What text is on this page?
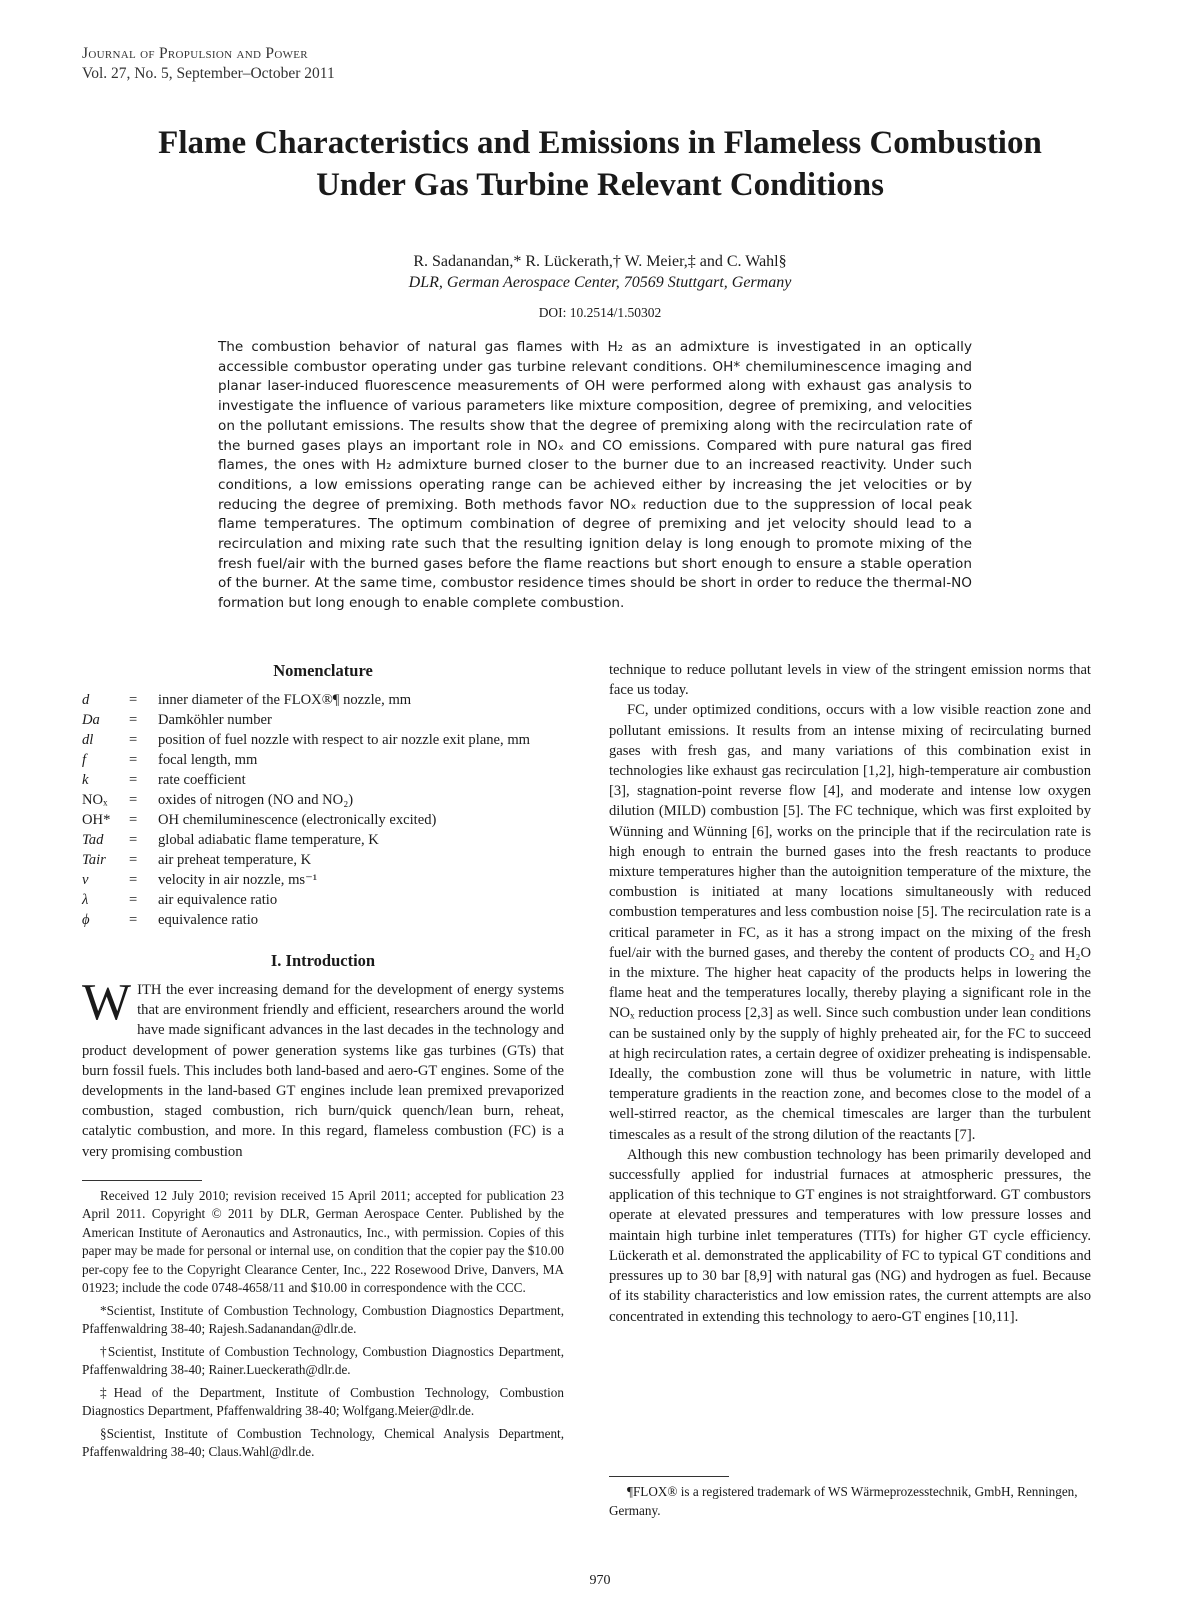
Journal of Propulsion and Power
Vol. 27, No. 5, September–October 2011
Flame Characteristics and Emissions in Flameless Combustion
Under Gas Turbine Relevant Conditions
R. Sadanandan,* R. Lückerath,† W. Meier,‡ and C. Wahl§
DLR, German Aerospace Center, 70569 Stuttgart, Germany
DOI: 10.2514/1.50302

The combustion behavior of natural gas flames with H₂ as an admixture is investigated in an optically accessible combustor operating under gas turbine relevant conditions. OH* chemiluminescence imaging and planar laser-induced fluorescence measurements of OH were performed along with exhaust gas analysis to investigate the influence of various parameters like mixture composition, degree of premixing, and velocities on the pollutant emissions. The results show that the degree of premixing along with the recirculation rate of the burned gases plays an important role in NOₓ and CO emissions. Compared with pure natural gas fired flames, the ones with H₂ admixture burned closer to the burner due to an increased reactivity. Under such conditions, a low emissions operating range can be achieved either by increasing the jet velocities or by reducing the degree of premixing. Both methods favor NOₓ reduction due to the suppression of local peak flame temperatures. The optimum combination of degree of premixing and jet velocity should lead to a recirculation and mixing rate such that the resulting ignition delay is long enough to promote mixing of the fresh fuel/air with the burned gases before the flame reactions but short enough to ensure a stable operation of the burner. At the same time, combustor residence times should be short in order to reduce the thermal-NO formation but long enough to enable complete combustion.

Nomenclature
d	=	inner diameter of the FLOX®¶ nozzle, mm
Da	=	Damköhler number
dl	=	position of fuel nozzle with respect to air nozzle exit plane, mm
f	=	focal length, mm
k	=	rate coefficient
NOₓ	=	oxides of nitrogen (NO and NO₂)
OH*	=	OH chemiluminescence (electronically excited)
Tad	=	global adiabatic flame temperature, K
Tair	=	air preheat temperature, K
v	=	velocity in air nozzle, ms⁻¹
λ	=	air equivalence ratio
ϕ	=	equivalence ratio
I. Introduction

WITH the ever increasing demand for the development of energy systems that are environment friendly and efficient, researchers around the world have made significant advances in the last decades in the technology and product development of power generation systems like gas turbines (GTs) that burn fossil fuels. This includes both land-based and aero-GT engines. Some of the developments in the land-based GT engines include lean premixed prevaporized combustion, staged combustion, rich burn/quick quench/lean burn, reheat, catalytic combustion, and more. In this regard, flameless combustion (FC) is a very promising combustion

Received 12 July 2010; revision received 15 April 2011; accepted for publication 23 April 2011. Copyright © 2011 by DLR, German Aerospace Center. Published by the American Institute of Aeronautics and Astronautics, Inc., with permission. Copies of this paper may be made for personal or internal use, on condition that the copier pay the $10.00 per-copy fee to the Copyright Clearance Center, Inc., 222 Rosewood Drive, Danvers, MA 01923; include the code 0748-4658/11 and $10.00 in correspondence with the CCC.

*Scientist, Institute of Combustion Technology, Combustion Diagnostics Department, Pfaffenwaldring 38-40; Rajesh.Sadanandan@dlr.de.

†Scientist, Institute of Combustion Technology, Combustion Diagnostics Department, Pfaffenwaldring 38-40; Rainer.Lueckerath@dlr.de.

‡Head of the Department, Institute of Combustion Technology, Combustion Diagnostics Department, Pfaffenwaldring 38-40; Wolfgang.Meier@dlr.de.

§Scientist, Institute of Combustion Technology, Chemical Analysis Department, Pfaffenwaldring 38-40; Claus.Wahl@dlr.de.

technique to reduce pollutant levels in view of the stringent emission norms that face us today.

FC, under optimized conditions, occurs with a low visible reaction zone and pollutant emissions. It results from an intense mixing of recirculating burned gases with fresh gas, and many variations of this combination exist in technologies like exhaust gas recirculation [1,2], high-temperature air combustion [3], stagnation-point reverse flow [4], and moderate and intense low oxygen dilution (MILD) combustion [5]. The FC technique, which was first exploited by Wünning and Wünning [6], works on the principle that if the recirculation rate is high enough to entrain the burned gases into the fresh reactants to produce mixture temperatures higher than the autoignition temperature of the mixture, the combustion is initiated at many locations simultaneously with reduced combustion temperatures and less combustion noise [5]. The recirculation rate is a critical parameter in FC, as it has a strong impact on the mixing of the fresh fuel/air with the burned gases, and thereby the content of products CO₂ and H₂O in the mixture. The higher heat capacity of the products helps in lowering the flame heat and the temperatures locally, thereby playing a significant role in the NOₓ reduction process [2,3] as well. Since such combustion under lean conditions can be sustained only by the supply of highly preheated air, for the FC to succeed at high recirculation rates, a certain degree of oxidizer preheating is indispensable. Ideally, the combustion zone will thus be volumetric in nature, with little temperature gradients in the reaction zone, and becomes close to the model of a well-stirred reactor, as the chemical timescales are larger than the turbulent timescales as a result of the strong dilution of the reactants [7].

Although this new combustion technology has been primarily developed and successfully applied for industrial furnaces at atmospheric pressures, the application of this technique to GT engines is not straightforward. GT combustors operate at elevated pressures and temperatures with low pressure losses and maintain high turbine inlet temperatures (TITs) for higher GT cycle efficiency. Lückerath et al. demonstrated the applicability of FC to typical GT conditions and pressures up to 30 bar [8,9] with natural gas (NG) and hydrogen as fuel. Because of its stability characteristics and low emission rates, the current attempts are also concentrated in extending this technology to aero-GT engines [10,11].

¶FLOX® is a registered trademark of WS Wärmeprozesstechnik, GmbH, Renningen, Germany.

970
